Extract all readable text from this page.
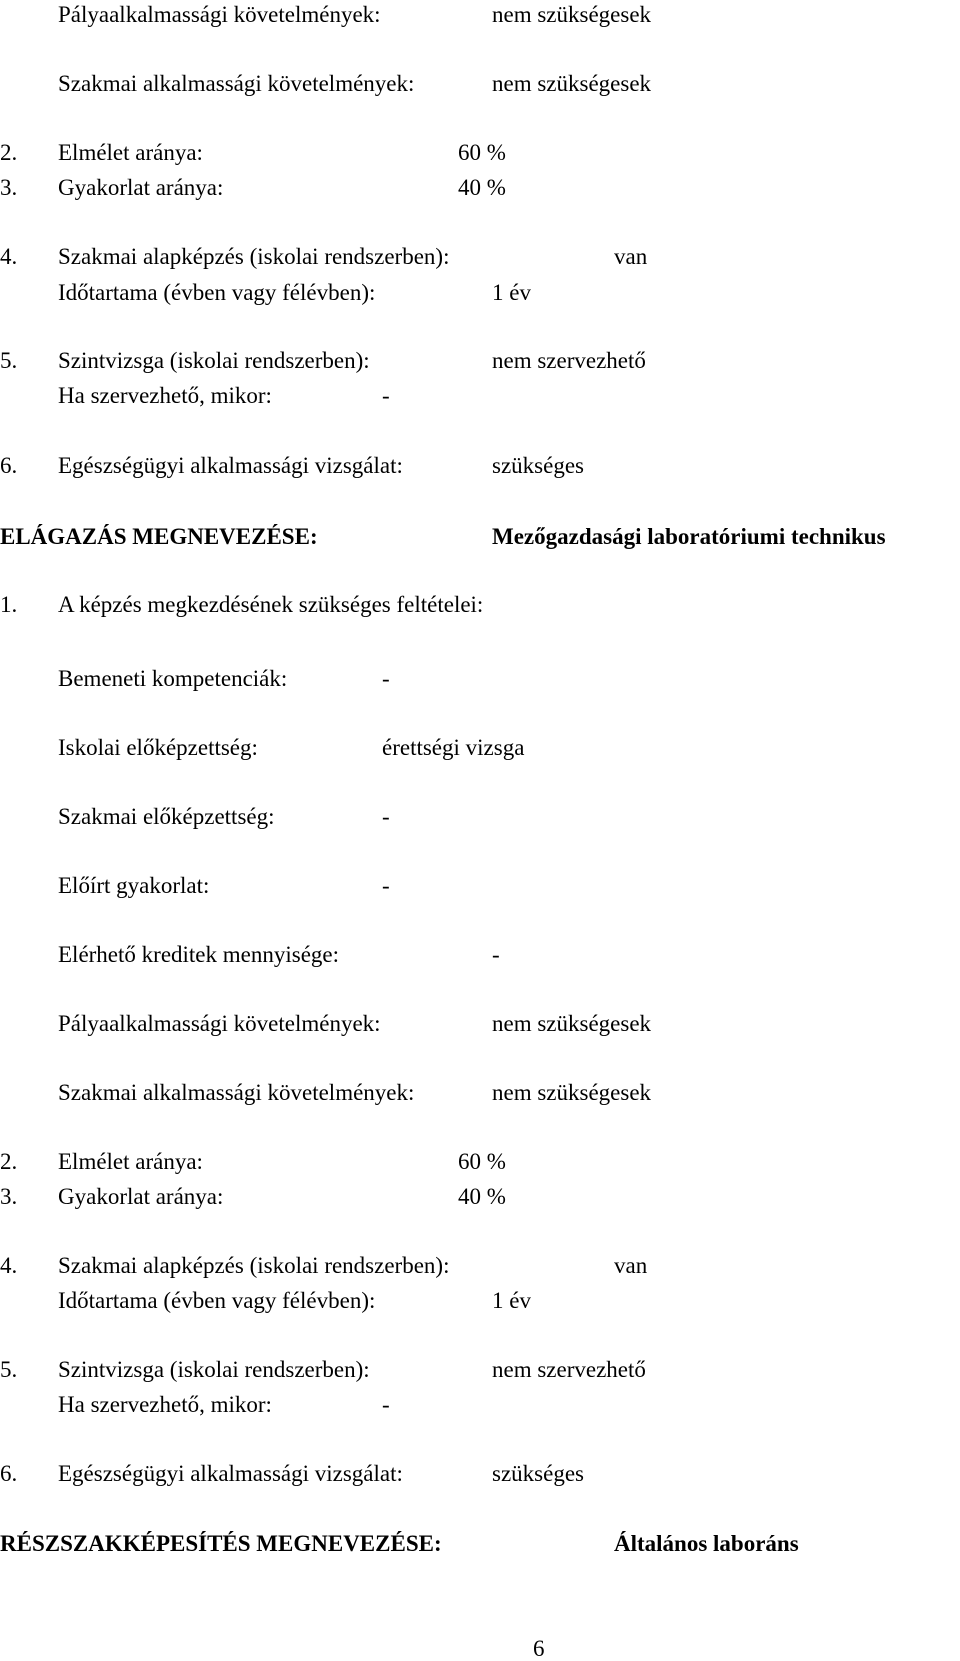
Pályaalkalmassági követelmények:	nem szükségesek
Szakmai alkalmassági követelmények:	nem szükségesek
2. Elmélet aránya:	60 %
3. Gyakorlat aránya:	40 %
4. Szakmai alapképzés (iskolai rendszerben):	van
Időtartama (évben vagy félévben):	1 év
5. Szintvizsga (iskolai rendszerben):	nem szervezhető
Ha szervezhető, mikor:	-
6. Egészségügyi alkalmassági vizsgálat:	szükséges
ELÁGAZÁS MEGNEVEZÉSE:	Mezőgazdasági laboratóriumi technikus
1. A képzés megkezdésének szükséges feltételei:
Bemeneti kompetenciák:	-
Iskolai előképzettség:	érettségi vizsga
Szakmai előképzettség:	-
Előírt gyakorlat:	-
Elérhető kreditek mennyisége:	-
Pályaalkalmassági követelmények:	nem szükségesek
Szakmai alkalmassági követelmények:	nem szükségesek
2. Elmélet aránya:	60 %
3. Gyakorlat aránya:	40 %
4. Szakmai alapképzés (iskolai rendszerben):	van
Időtartama (évben vagy félévben):	1 év
5. Szintvizsga (iskolai rendszerben):	nem szervezhető
Ha szervezhető, mikor:	-
6. Egészségügyi alkalmassági vizsgálat:	szükséges
RÉSZSZAKKÉPESÍTÉS MEGNEVEZÉSE:	Általános laboráns
6
